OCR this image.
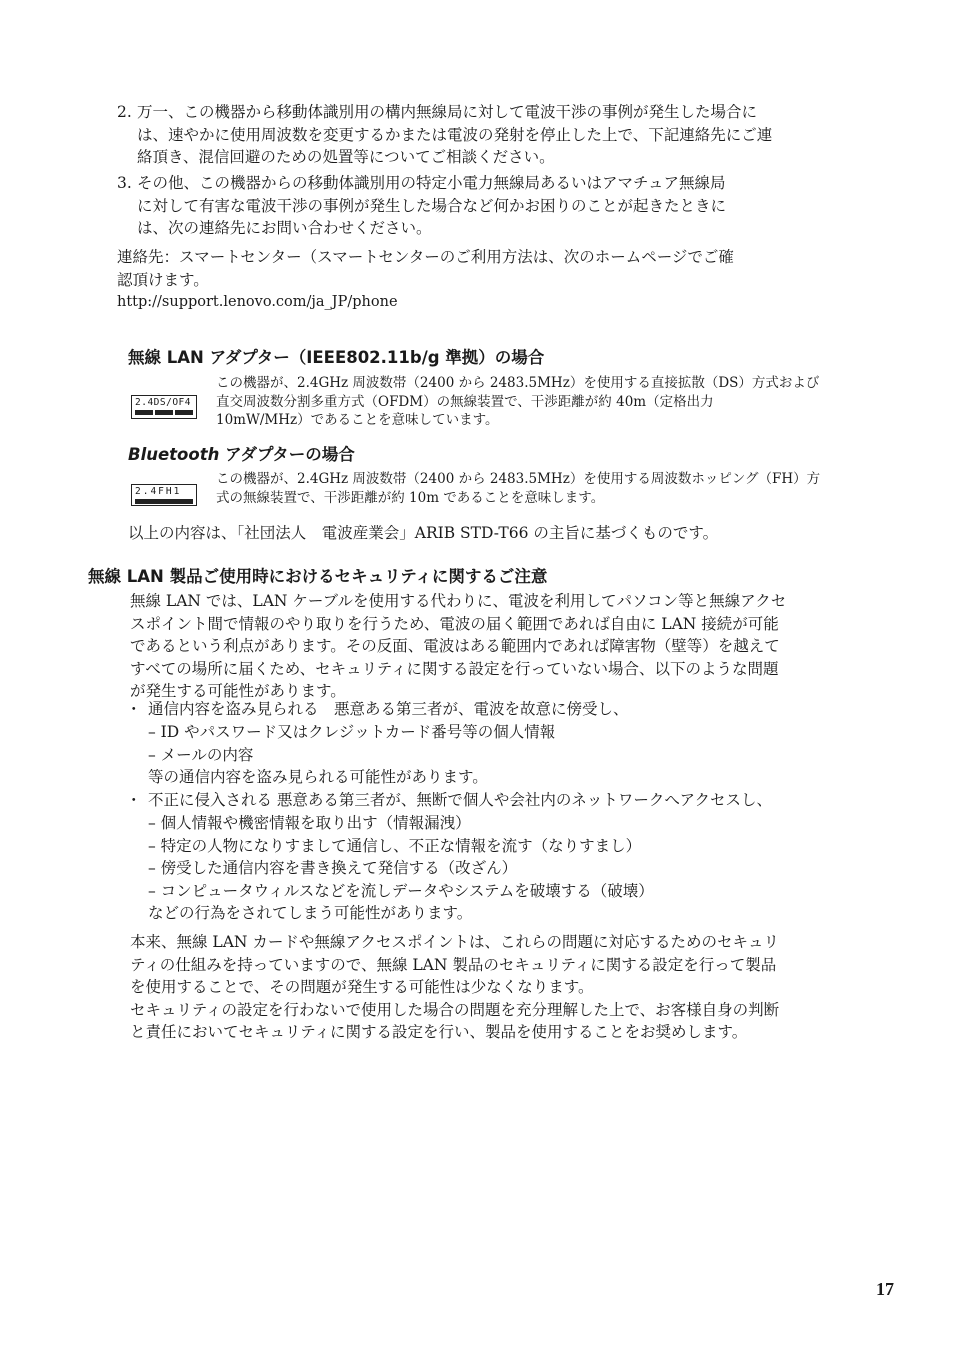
2. 万一、この機器から移動体識別用の構内無線局に対して電波干渉の事例が発生した場合に
は、速やかに使用周波数を変更するかまたは電波の発射を停止した上で、下記連絡先にご連
絡頂き、混信回避のための処置等についてご相談ください。
3. その他、この機器からの移動体識別用の特定小電力無線局あるいはアマチュア無線局
に対して有害な電波干渉の事例が発生した場合など何かお困りのことが起きたときに
は、次の連絡先にお問い合わせください。
連絡先：スマートセンター（スマートセンターのご利用方法は、次のホームページでご確
認頂けます。
http://support.lenovo.com/ja_JP/phone
無線 LAN アダプター（IEEE802.11b/g 準拠）の場合
2.4DS/OF4
この機器が、2.4GHz 周波数帯（2400 から 2483.5MHz）を使用する直接拡散（DS）方式および
直交周波数分割多重方式（OFDM）の無線装置で、干渉距離が約 40m（定格出力
10mW/MHz）であることを意味しています。
Bluetooth アダプターの場合
2.4FH1
この機器が、2.4GHz 周波数帯（2400 から 2483.5MHz）を使用する周波数ホッピング（FH）方
式の無線装置で、干渉距離が約 10m であることを意味します。
以上の内容は、「社団法人　電波産業会」ARIB STD-T66 の主旨に基づくものです。
無線 LAN 製品ご使用時におけるセキュリティに関するご注意
無線 LAN では、LAN ケーブルを使用する代わりに、電波を利用してパソコン等と無線アクセ
スポイント間で情報のやり取りを行うため、電波の届く範囲であれば自由に LAN 接続が可能
であるという利点があります。その反面、電波はある範囲内であれば障害物（壁等）を越えて
すべての場所に届くため、セキュリティに関する設定を行っていない場合、以下のような問題
が発生する可能性があります。
・ 通信内容を盗み見られる　悪意ある第三者が、電波を故意に傍受し、
– ID やパスワード又はクレジットカード番号等の個人情報
– メールの内容
等の通信内容を盗み見られる可能性があります。
・ 不正に侵入される 悪意ある第三者が、無断で個人や会社内のネットワークへアクセスし、
– 個人情報や機密情報を取り出す（情報漏洩）
– 特定の人物になりすまして通信し、不正な情報を流す（なりすまし）
– 傍受した通信内容を書き換えて発信する（改ざん）
– コンピュータウィルスなどを流しデータやシステムを破壊する（破壊）
などの行為をされてしまう可能性があります。
本来、無線 LAN カードや無線アクセスポイントは、これらの問題に対応するためのセキュリ
ティの仕組みを持っていますので、無線 LAN 製品のセキュリティに関する設定を行って製品
を使用することで、その問題が発生する可能性は少なくなります。
セキュリティの設定を行わないで使用した場合の問題を充分理解した上で、お客様自身の判断
と責任においてセキュリティに関する設定を行い、製品を使用することをお奨めします。
17
